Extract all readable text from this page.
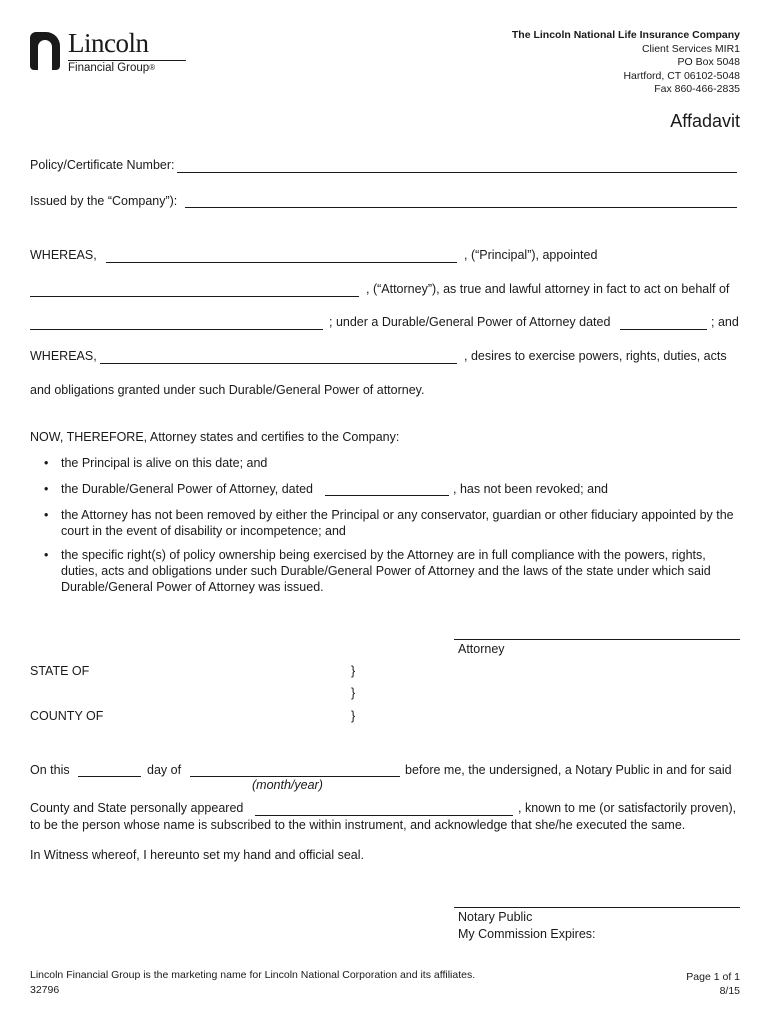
Lincoln
Financial Group®
The Lincoln National Life Insurance Company
Client Services MIR1
PO Box 5048
Hartford, CT 06102-5048
Fax 860-466-2835
Affadavit
Policy/Certificate Number:
Issued by the “Company”):
WHEREAS,	, (“Principal”), appointed
, (“Attorney”), as true and lawful attorney in fact to act on behalf of
; under a Durable/General Power of Attorney dated	; and
WHEREAS,	, desires to exercise powers, rights, duties, acts
and obligations granted under such Durable/General Power of attorney.
NOW, THEREFORE, Attorney states and certifies to the Company:
• the Principal is alive on this date; and
• the Durable/General Power of Attorney, dated	, has not been revoked; and
• the Attorney has not been removed by either the Principal or any conservator, guardian or other fiduciary appointed by the court in the event of disability or incompetence; and
• the specific right(s) of policy ownership being exercised by the Attorney are in full compliance with the powers, rights, duties, acts and obligations under such Durable/General Power of Attorney and the laws of the state under which said Durable/General Power of Attorney was issued.
Attorney
STATE OF	}
}
COUNTY OF	}
On this	day of	before me, the undersigned, a Notary Public in and for said
(month/year)
County and State personally appeared	, known to me (or satisfactorily proven),
to be the person whose name is subscribed to the within instrument, and acknowledge that she/he executed the same.
In Witness whereof, I hereunto set my hand and official seal.
Notary Public
My Commission Expires:
Lincoln Financial Group is the marketing name for Lincoln National Corporation and its affiliates.
32796
Page 1 of 1
8/15
